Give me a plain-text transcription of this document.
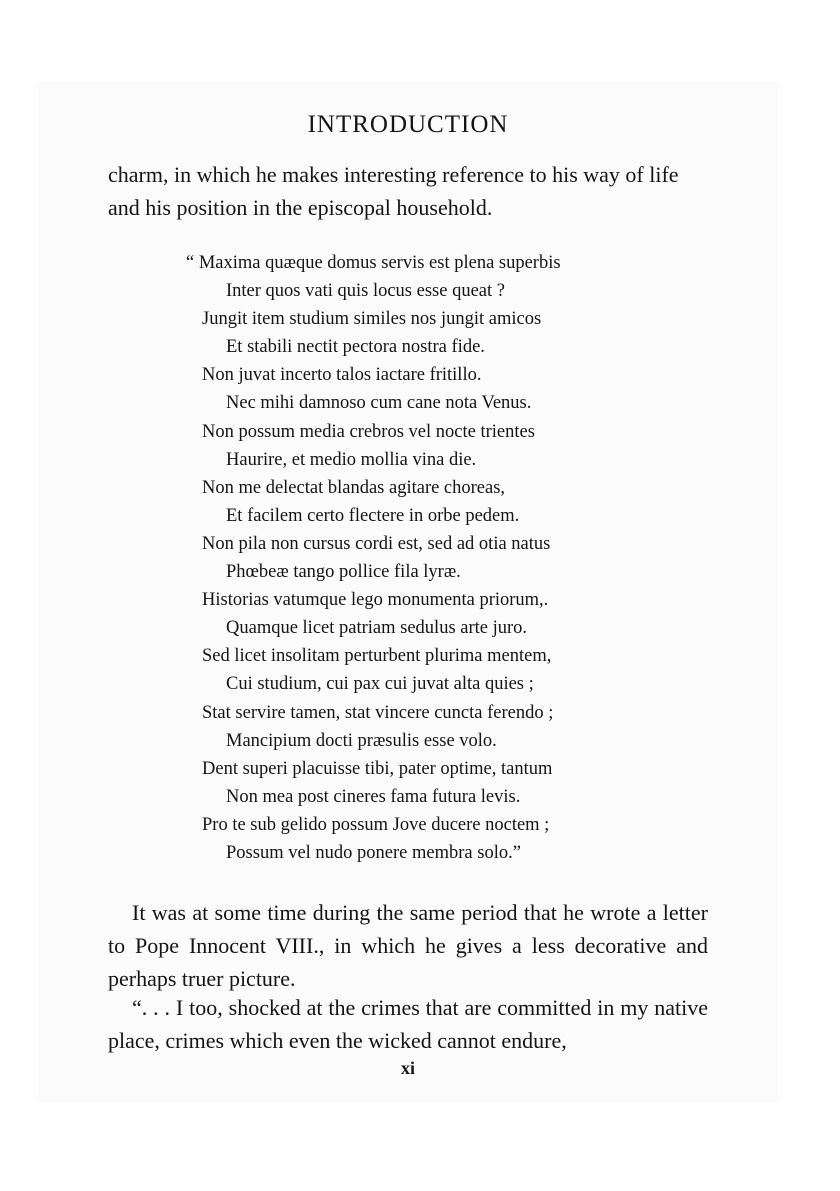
INTRODUCTION

charm, in which he makes interesting reference to his way of life and his position in the episcopal household.

“ Maxima quæque domus servis est plena superbis
Inter quos vati quis locus esse queat ?
Jungit item studium similes nos jungit amicos
Et stabili nectit pectora nostra fide.
Non juvat incerto talos iactare fritillo.
Nec mihi damnoso cum cane nota Venus.
Non possum media crebros vel nocte trientes
Haurire, et medio mollia vina die.
Non me delectat blandas agitare choreas,
Et facilem certo flectere in orbe pedem.
Non pila non cursus cordi est, sed ad otia natus
Phœbeæ tango pollice fila lyræ.
Historias vatumque lego monumenta priorum,.
Quamque licet patriam sedulus arte juro.
Sed licet insolitam perturbent plurima mentem,
Cui studium, cui pax cui juvat alta quies ;
Stat servire tamen, stat vincere cuncta ferendo ;
Mancipium docti præsulis esse volo.
Dent superi placuisse tibi, pater optime, tantum
Non mea post cineres fama futura levis.
Pro te sub gelido possum Jove ducere noctem ;
Possum vel nudo ponere membra solo.”

It was at some time during the same period that he wrote a letter to Pope Innocent VIII., in which he gives a less decorative and perhaps truer picture.

“. . . I too, shocked at the crimes that are committed in my native place, crimes which even the wicked cannot endure,

xi
